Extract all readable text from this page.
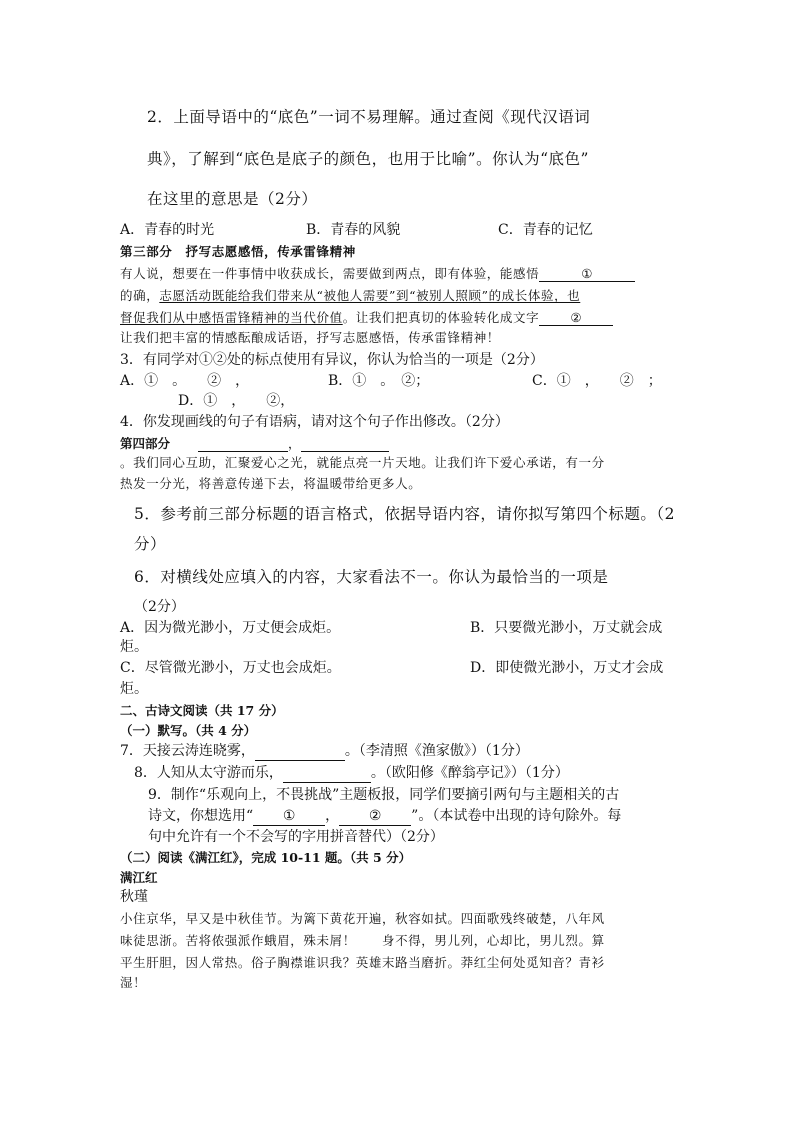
2．上面导语中的“底色”一词不易理解。通过查阅《现代汉语词
典》，了解到“底色是底子的颜色，也用于比喻”。你认为“底色”
在这里的意思是（2分）
A．青春的时光	B．青春的风貌	C．青春的记忆
第三部分　抒写志愿感悟，传承雷锋精神
有人说，想要在一件事情中收获成长，需要做到两点，即有体验，能感悟	①
的确，志愿活动既能给我们带来从“被他人需要”到“被别人照顾”的成长体验，也
督促我们从中感悟雷锋精神的当代价值。让我们把真切的体验转化成文字 ②
让我们把丰富的情感酝酿成话语，抒写志愿感悟，传承雷锋精神！
3．有同学对①②处的标点使用有异议，你认为恰当的一项是（2分）
A．①　。　　②　，	B．①　。　②；	C．①　，　　②　；
D．①　，　　②，
4．你发现画线的句子有语病，请对这个句子作出修改。（2分）
第四部分	，
。我们同心互助，汇聚爱心之光，就能点亮一片天地。让我们许下爱心承诺，有一分
热发一分光，将善意传递下去，将温暖带给更多人。
5．参考前三部分标题的语言格式，依据导语内容，请你拟写第四个标题。（2
分）
6．对横线处应填入的内容，大家看法不一。你认为最恰当的一项是
（2分）
A．因为微光渺小，万丈便会成炬。	B．只要微光渺小，万丈就会成
炬。
C．尽管微光渺小，万丈也会成炬。	D．即使微光渺小，万丈才会成
炬。
二、古诗文阅读（共 17 分）
（一）默写。（共 4 分）
7．天接云涛连晓雾，	。（李清照《渔家傲》）（1分）
8．人知从太守游而乐，	。（欧阳修《醉翁亭记》）（1分）
9．制作“乐观向上，不畏挑战”主题板报，同学们要摘引两句与主题相关的古
诗文，你想选用“ ① ， ② ”。（本试卷中出现的诗句除外。每
句中允许有一个不会写的字用拼音替代）（2分）
（二）阅读《满江红》，完成 10-11 题。（共 5 分）
满江红
秋瑾
小住京华，早又是中秋佳节。为篱下黄花开遍，秋容如拭。四面歌残终破楚，八年风
味徒思浙。苦将侬强派作蛾眉，殊未屑！　　身不得，男儿列，心却比，男儿烈。算
平生肝胆，因人常热。俗子胸襟谁识我？英雄末路当磨折。莽红尘何处觅知音？青衫
湿！
